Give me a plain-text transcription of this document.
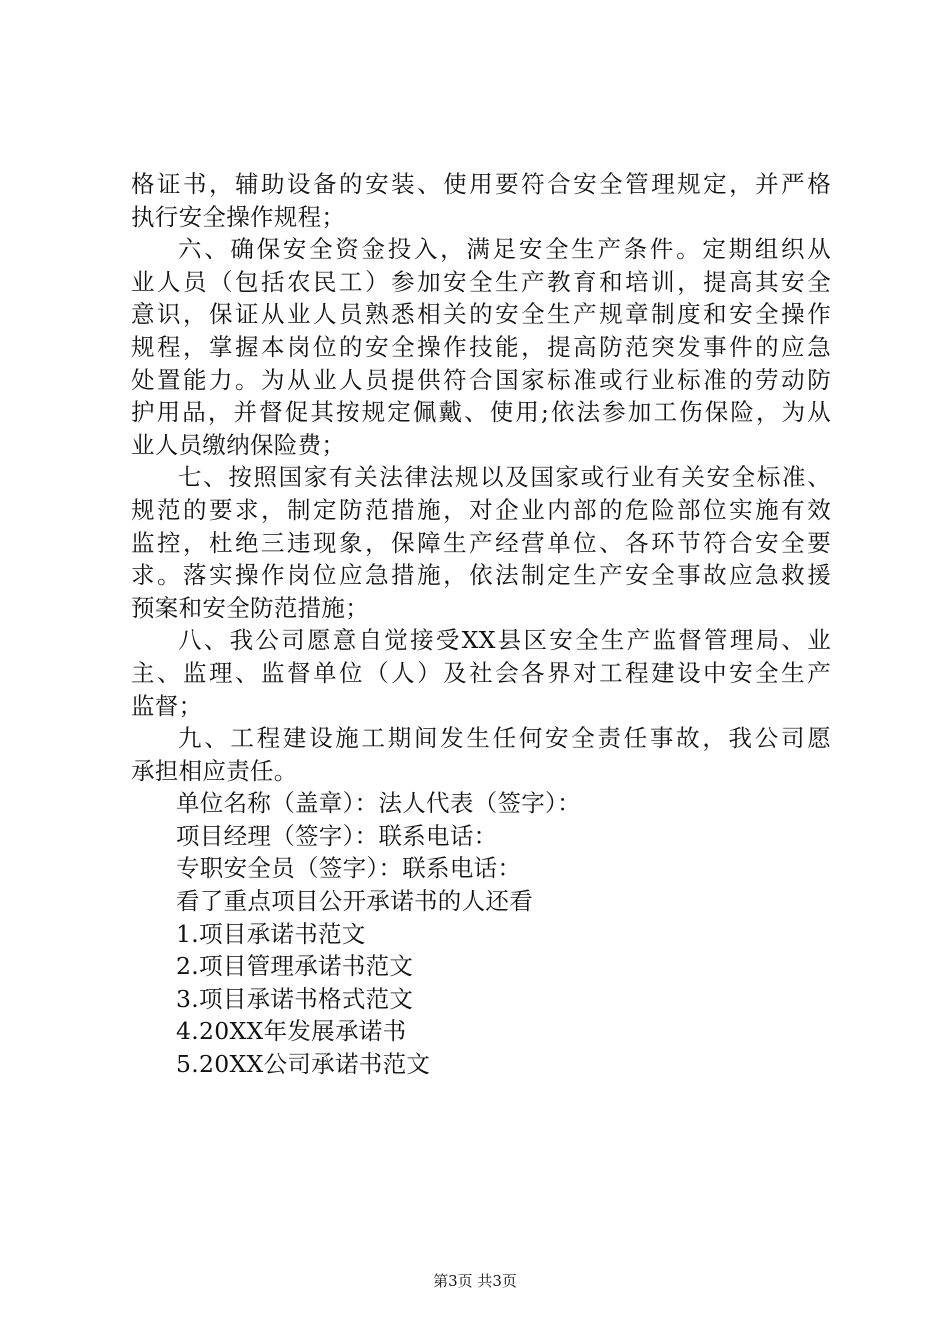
格证书，辅助设备的安装、使用要符合安全管理规定，并严格
执行安全操作规程；
六、确保安全资金投入，满足安全生产条件。定期组织从
业人员（包括农民工）参加安全生产教育和培训，提高其安全
意识，保证从业人员熟悉相关的安全生产规章制度和安全操作
规程，掌握本岗位的安全操作技能，提高防范突发事件的应急
处置能力。为从业人员提供符合国家标准或行业标准的劳动防
护用品，并督促其按规定佩戴、使用;依法参加工伤保险，为从
业人员缴纳保险费；
七、按照国家有关法律法规以及国家或行业有关安全标准、
规范的要求，制定防范措施，对企业内部的危险部位实施有效
监控，杜绝三违现象，保障生产经营单位、各环节符合安全要
求。落实操作岗位应急措施，依法制定生产安全事故应急救援
预案和安全防范措施；
八、我公司愿意自觉接受XX县区安全生产监督管理局、业
主、监理、监督单位（人）及社会各界对工程建设中安全生产
监督；
九、工程建设施工期间发生任何安全责任事故，我公司愿
承担相应责任。
单位名称（盖章）：法人代表（签字）：
项目经理（签字）：联系电话：
专职安全员（签字）：联系电话：
看了重点项目公开承诺书的人还看
1.项目承诺书范文
2.项目管理承诺书范文
3.项目承诺书格式范文
4.20XX年发展承诺书
5.20XX公司承诺书范文
第3页 共3页
